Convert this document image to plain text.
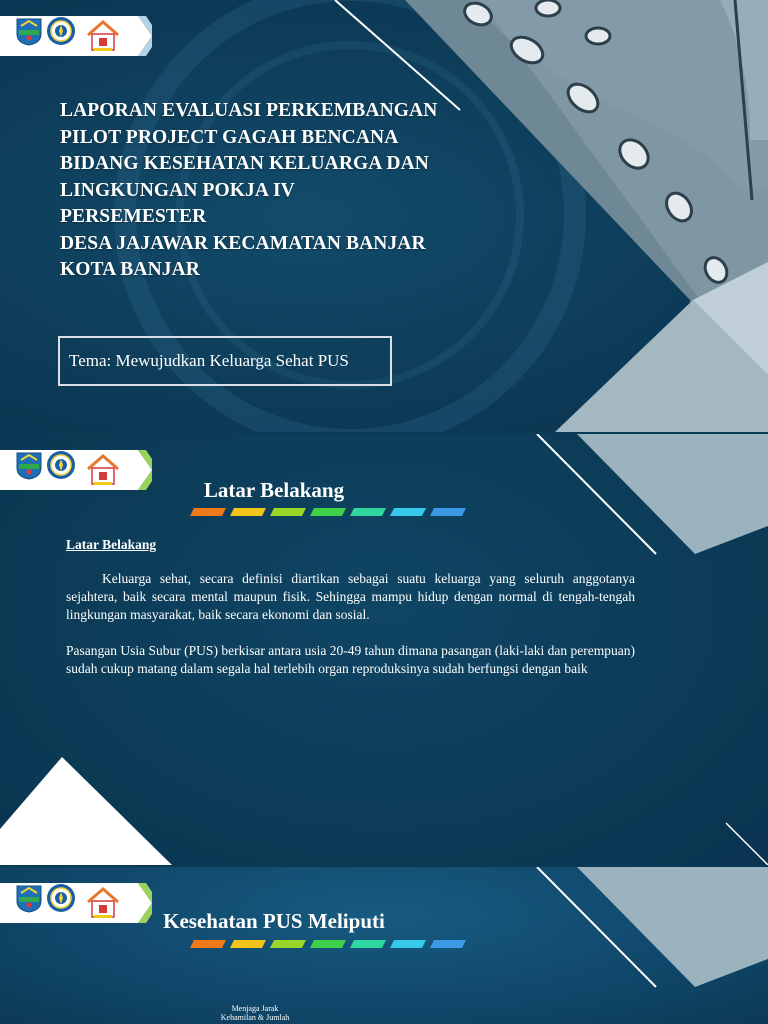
LAPORAN EVALUASI PERKEMBANGAN
PILOT PROJECT GAGAH BENCANA
BIDANG KESEHATAN KELUARGA DAN
LINGKUNGAN POKJA IV
PERSEMESTER
DESA JAJAWAR KECAMATAN BANJAR
KOTA BANJAR
Tema: Mewujudkan Keluarga Sehat PUS
Latar Belakang

Latar Belakang

Keluarga sehat, secara definisi diartikan sebagai suatu keluarga yang seluruh anggotanya sejahtera, baik secara mental maupun fisik. Sehingga mampu hidup dengan normal di tengah-tengah lingkungan masyarakat, baik secara ekonomi dan sosial.

Pasangan Usia Subur (PUS) berkisar antara usia 20-49 tahun dimana pasangan (laki-laki dan perempuan) sudah cukup matang dalam segala hal terlebih organ reproduksinya sudah berfungsi dengan baik

Kesehatan PUS Meliputi
Menjaga Jarak
Kehamilan & Jumlah
